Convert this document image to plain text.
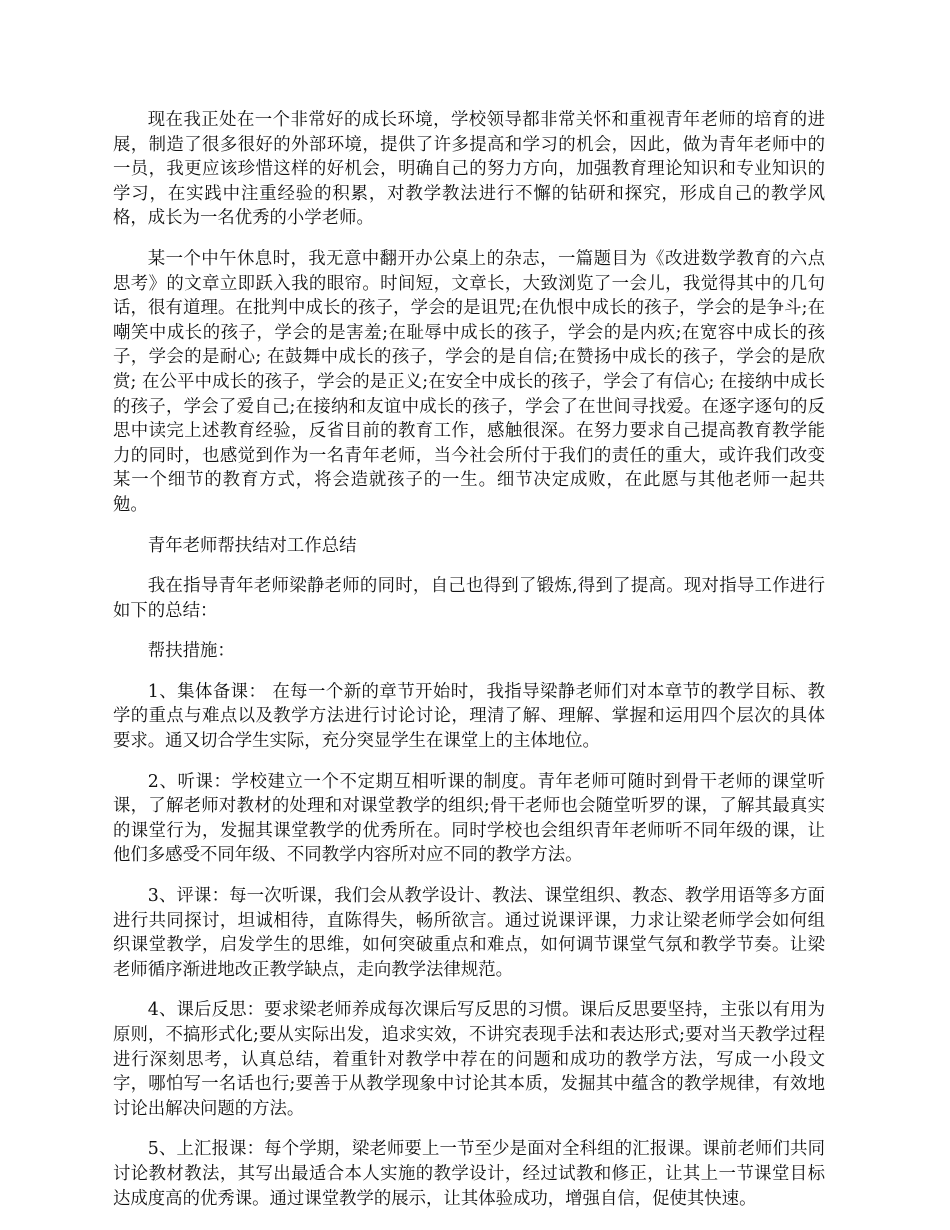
现在我正处在一个非常好的成长环境，学校领导都非常关怀和重视青年老师的培育的进展，制造了很多很好的外部环境，提供了许多提高和学习的机会，因此，做为青年老师中的一员，我更应该珍惜这样的好机会，明确自己的努力方向，加强教育理论知识和专业知识的学习，在实践中注重经验的积累，对教学教法进行不懈的钻研和探究，形成自己的教学风格，成长为一名优秀的小学老师。

某一个中午休息时，我无意中翻开办公桌上的杂志，一篇题目为《改进数学教育的六点思考》的文章立即跃入我的眼帘。时间短，文章长，大致浏览了一会儿，我觉得其中的几句话，很有道理。在批判中成长的孩子，学会的是诅咒;在仇恨中成长的孩子，学会的是争斗;在嘲笑中成长的孩子，学会的是害羞;在耻辱中成长的孩子，学会的是内疚;在宽容中成长的孩子，学会的是耐心; 在鼓舞中成长的孩子，学会的是自信;在赞扬中成长的孩子，学会的是欣赏; 在公平中成长的孩子，学会的是正义;在安全中成长的孩子，学会了有信心; 在接纳中成长的孩子，学会了爱自己;在接纳和友谊中成长的孩子，学会了在世间寻找爱。在逐字逐句的反思中读完上述教育经验，反省目前的教育工作，感触很深。在努力要求自己提高教育教学能力的同时，也感觉到作为一名青年老师，当今社会所付于我们的责任的重大，或许我们改变某一个细节的教育方式，将会造就孩子的一生。细节决定成败，在此愿与其他老师一起共勉。

青年老师帮扶结对工作总结

我在指导青年老师梁静老师的同时，自己也得到了锻炼,得到了提高。现对指导工作进行如下的总结：

帮扶措施：

1、集体备课： 在每一个新的章节开始时，我指导梁静老师们对本章节的教学目标、教学的重点与难点以及教学方法进行讨论讨论，理清了解、理解、掌握和运用四个层次的具体要求。通又切合学生实际，充分突显学生在课堂上的主体地位。

2、听课：学校建立一个不定期互相听课的制度。青年老师可随时到骨干老师的课堂听课，了解老师对教材的处理和对课堂教学的组织;骨干老师也会随堂听罗的课，了解其最真实的课堂行为，发掘其课堂教学的优秀所在。同时学校也会组织青年老师听不同年级的课，让他们多感受不同年级、不同教学内容所对应不同的教学方法。

3、评课：每一次听课，我们会从教学设计、教法、课堂组织、教态、教学用语等多方面进行共同探讨，坦诚相待，直陈得失，畅所欲言。通过说课评课，力求让梁老师学会如何组织课堂教学，启发学生的思维，如何突破重点和难点，如何调节课堂气氛和教学节奏。让梁老师循序渐进地改正教学缺点，走向教学法律规范。

4、课后反思：要求梁老师养成每次课后写反思的习惯。课后反思要坚持，主张以有用为原则，不搞形式化;要从实际出发，追求实效，不讲究表现手法和表达形式;要对当天教学过程进行深刻思考，认真总结，着重针对教学中荐在的问题和成功的教学方法，写成一小段文字，哪怕写一名话也行;要善于从教学现象中讨论其本质，发掘其中蕴含的教学规律，有效地讨论出解决问题的方法。

5、上汇报课：每个学期，梁老师要上一节至少是面对全科组的汇报课。课前老师们共同讨论教材教法，其写出最适合本人实施的教学设计，经过试教和修正，让其上一节课堂目标达成度高的优秀课。通过课堂教学的展示，让其体验成功，增强自信，促使其快速。
